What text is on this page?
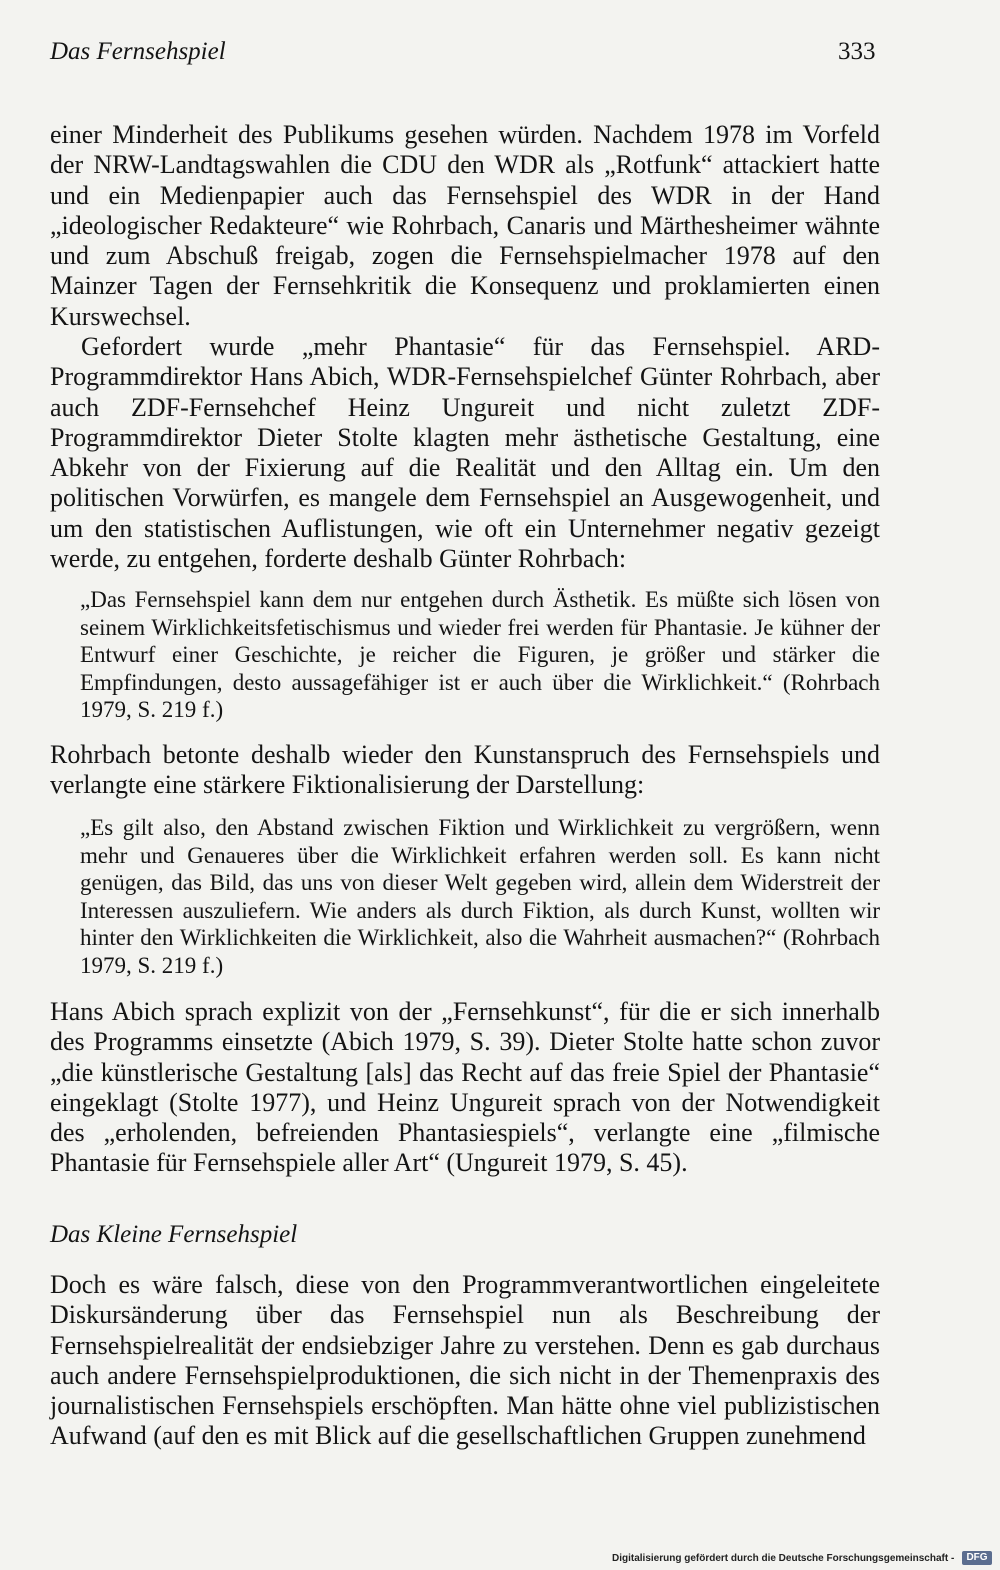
Das Fernsehspiel	333

einer Minderheit des Publikums gesehen würden. Nachdem 1978 im Vorfeld der NRW-Landtagswahlen die CDU den WDR als „Rotfunk“ attackiert hatte und ein Medienpapier auch das Fernsehspiel des WDR in der Hand „ideologischer Redakteure“ wie Rohrbach, Canaris und Märthesheimer wähnte und zum Abschuß freigab, zogen die Fernsehspielmacher 1978 auf den Mainzer Tagen der Fernsehkritik die Konsequenz und proklamierten einen Kurswechsel.

Gefordert wurde „mehr Phantasie“ für das Fernsehspiel. ARD-Programmdirektor Hans Abich, WDR-Fernsehspielchef Günter Rohrbach, aber auch ZDF-Fernsehchef Heinz Ungureit und nicht zuletzt ZDF-Programmdirektor Dieter Stolte klagten mehr ästhetische Gestaltung, eine Abkehr von der Fixierung auf die Realität und den Alltag ein. Um den politischen Vorwürfen, es mangele dem Fernsehspiel an Ausgewogenheit, und um den statistischen Auflistungen, wie oft ein Unternehmer negativ gezeigt werde, zu entgehen, forderte deshalb Günter Rohrbach:

„Das Fernsehspiel kann dem nur entgehen durch Ästhetik. Es müßte sich lösen von seinem Wirklichkeitsfetischismus und wieder frei werden für Phantasie. Je kühner der Entwurf einer Geschichte, je reicher die Figuren, je größer und stärker die Empfindungen, desto aussagefähiger ist er auch über die Wirklichkeit.“ (Rohrbach 1979, S. 219 f.)

Rohrbach betonte deshalb wieder den Kunstanspruch des Fernsehspiels und verlangte eine stärkere Fiktionalisierung der Darstellung:

„Es gilt also, den Abstand zwischen Fiktion und Wirklichkeit zu vergrößern, wenn mehr und Genaueres über die Wirklichkeit erfahren werden soll. Es kann nicht genügen, das Bild, das uns von dieser Welt gegeben wird, allein dem Widerstreit der Interessen auszuliefern. Wie anders als durch Fiktion, als durch Kunst, wollten wir hinter den Wirklichkeiten die Wirklichkeit, also die Wahrheit ausmachen?“ (Rohrbach 1979, S. 219 f.)

Hans Abich sprach explizit von der „Fernsehkunst“, für die er sich innerhalb des Programms einsetzte (Abich 1979, S. 39). Dieter Stolte hatte schon zuvor „die künstlerische Gestaltung [als] das Recht auf das freie Spiel der Phantasie“ eingeklagt (Stolte 1977), und Heinz Ungureit sprach von der Notwendigkeit des „erholenden, befreienden Phantasiespiels“, verlangte eine „filmische Phantasie für Fernsehspiele aller Art“ (Ungureit 1979, S. 45).

Das Kleine Fernsehspiel

Doch es wäre falsch, diese von den Programmverantwortlichen eingeleitete Diskursänderung über das Fernsehspiel nun als Beschreibung der Fernsehspielrealität der endsiebziger Jahre zu verstehen. Denn es gab durchaus auch andere Fernsehspielproduktionen, die sich nicht in der Themenpraxis des journalistischen Fernsehspiels erschöpften. Man hätte ohne viel publizistischen Aufwand (auf den es mit Blick auf die gesellschaftlichen Gruppen zunehmend

Digitalisierung gefördert durch die Deutsche Forschungsgemeinschaft -	DFG
